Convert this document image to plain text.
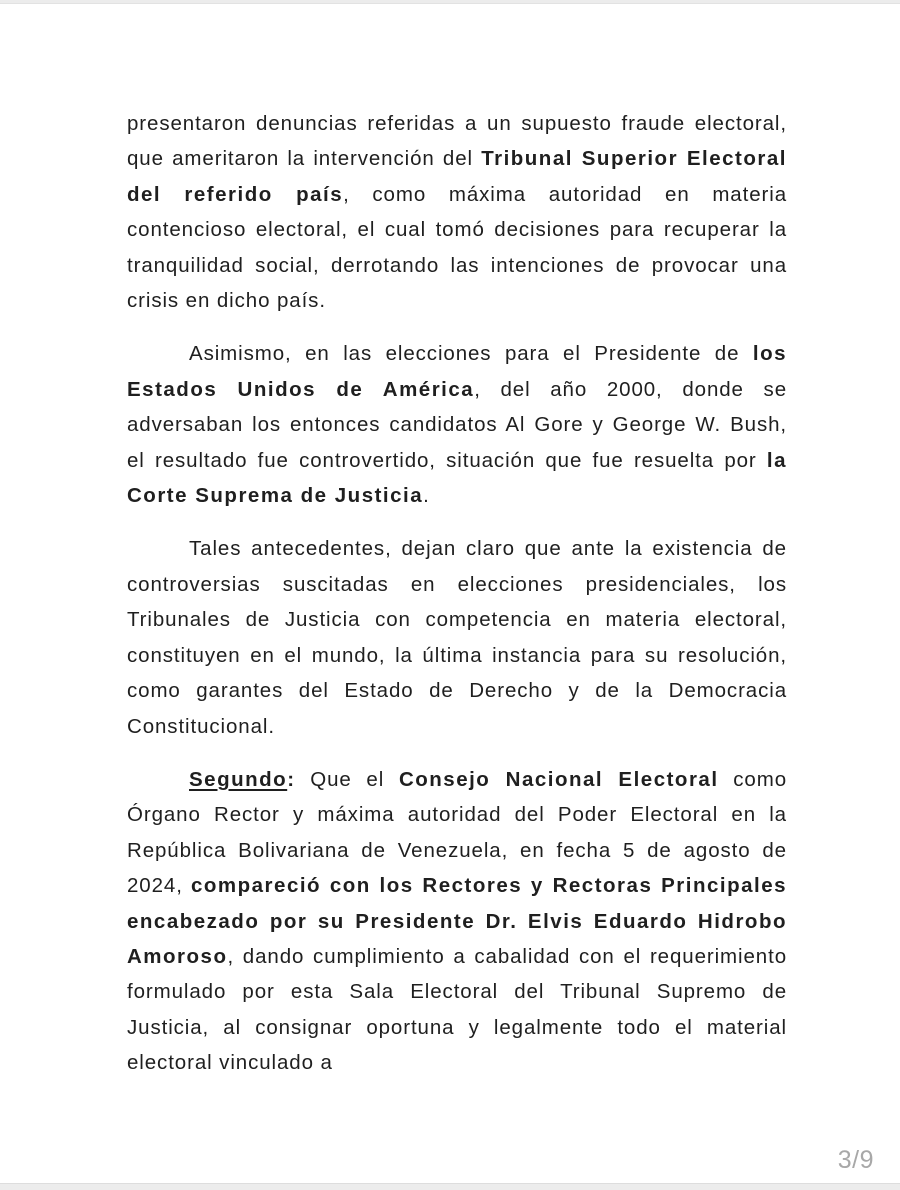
presentaron denuncias referidas a un supuesto fraude electoral, que ameritaron la intervención del Tribunal Superior Electoral del referido país, como máxima autoridad en materia contencioso electoral, el cual tomó decisiones para recuperar la tranquilidad social, derrotando las intenciones de provocar una crisis en dicho país.

Asimismo, en las elecciones para el Presidente de los Estados Unidos de América, del año 2000, donde se adversaban los entonces candidatos Al Gore y George W. Bush, el resultado fue controvertido, situación que fue resuelta por la Corte Suprema de Justicia.

Tales antecedentes, dejan claro que ante la existencia de controversias suscitadas en elecciones presidenciales, los Tribunales de Justicia con competencia en materia electoral, constituyen en el mundo, la última instancia para su resolución, como garantes del Estado de Derecho y de la Democracia Constitucional.

Segundo: Que el Consejo Nacional Electoral como Órgano Rector y máxima autoridad del Poder Electoral en la República Bolivariana de Venezuela, en fecha 5 de agosto de 2024, compareció con los Rectores y Rectoras Principales encabezado por su Presidente Dr. Elvis Eduardo Hidrobo Amoroso, dando cumplimiento a cabalidad con el requerimiento formulado por esta Sala Electoral del Tribunal Supremo de Justicia, al consignar oportuna y legalmente todo el material electoral vinculado a

3/9
